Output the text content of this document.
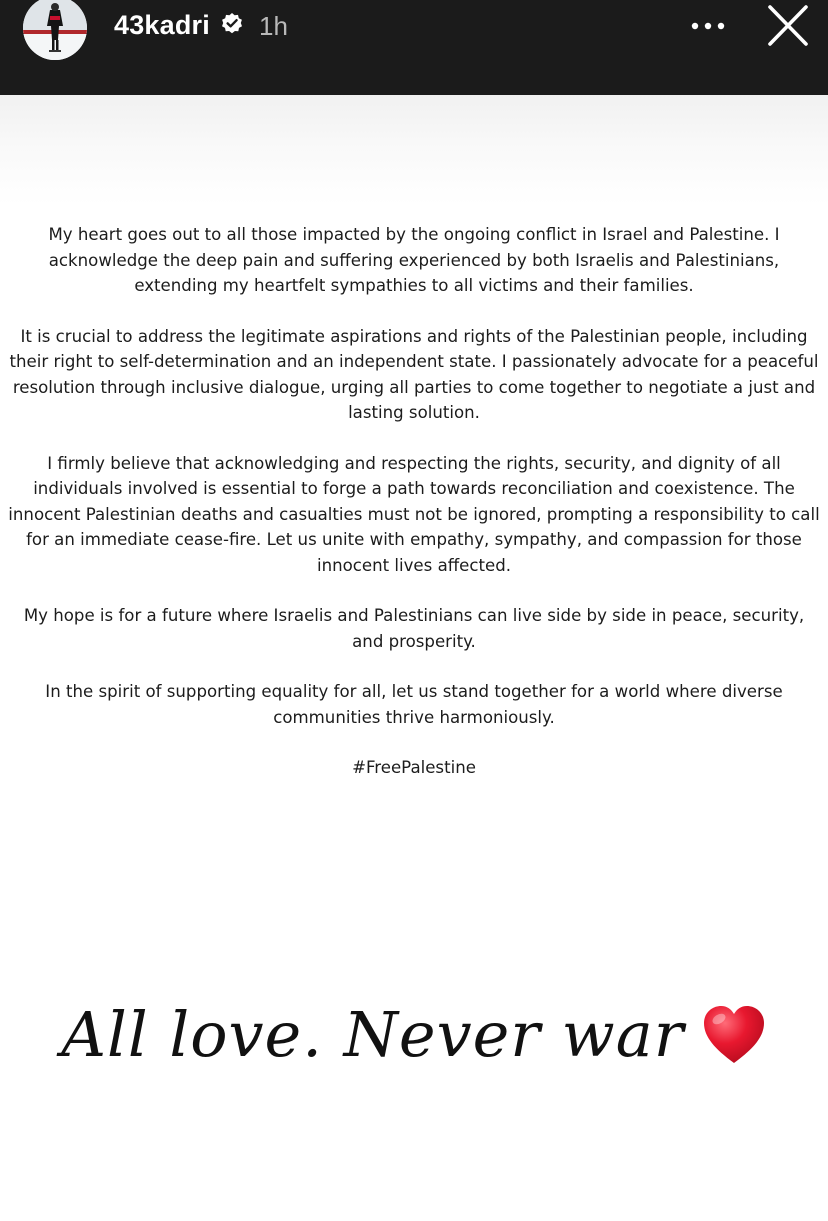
43kadri 1h

My heart goes out to all those impacted by the ongoing conflict in Israel and Palestine. I acknowledge the deep pain and suffering experienced by both Israelis and Palestinians, extending my heartfelt sympathies to all victims and their families.

It is crucial to address the legitimate aspirations and rights of the Palestinian people, including their right to self-determination and an independent state. I passionately advocate for a peaceful resolution through inclusive dialogue, urging all parties to come together to negotiate a just and lasting solution.

I firmly believe that acknowledging and respecting the rights, security, and dignity of all individuals involved is essential to forge a path towards reconciliation and coexistence. The innocent Palestinian deaths and casualties must not be ignored, prompting a responsibility to call for an immediate cease-fire. Let us unite with empathy, sympathy, and compassion for those innocent lives affected.

My hope is for a future where Israelis and Palestinians can live side by side in peace, security, and prosperity.

In the spirit of supporting equality for all, let us stand together for a world where diverse communities thrive harmoniously.

#FreePalestine

All love. Never war
